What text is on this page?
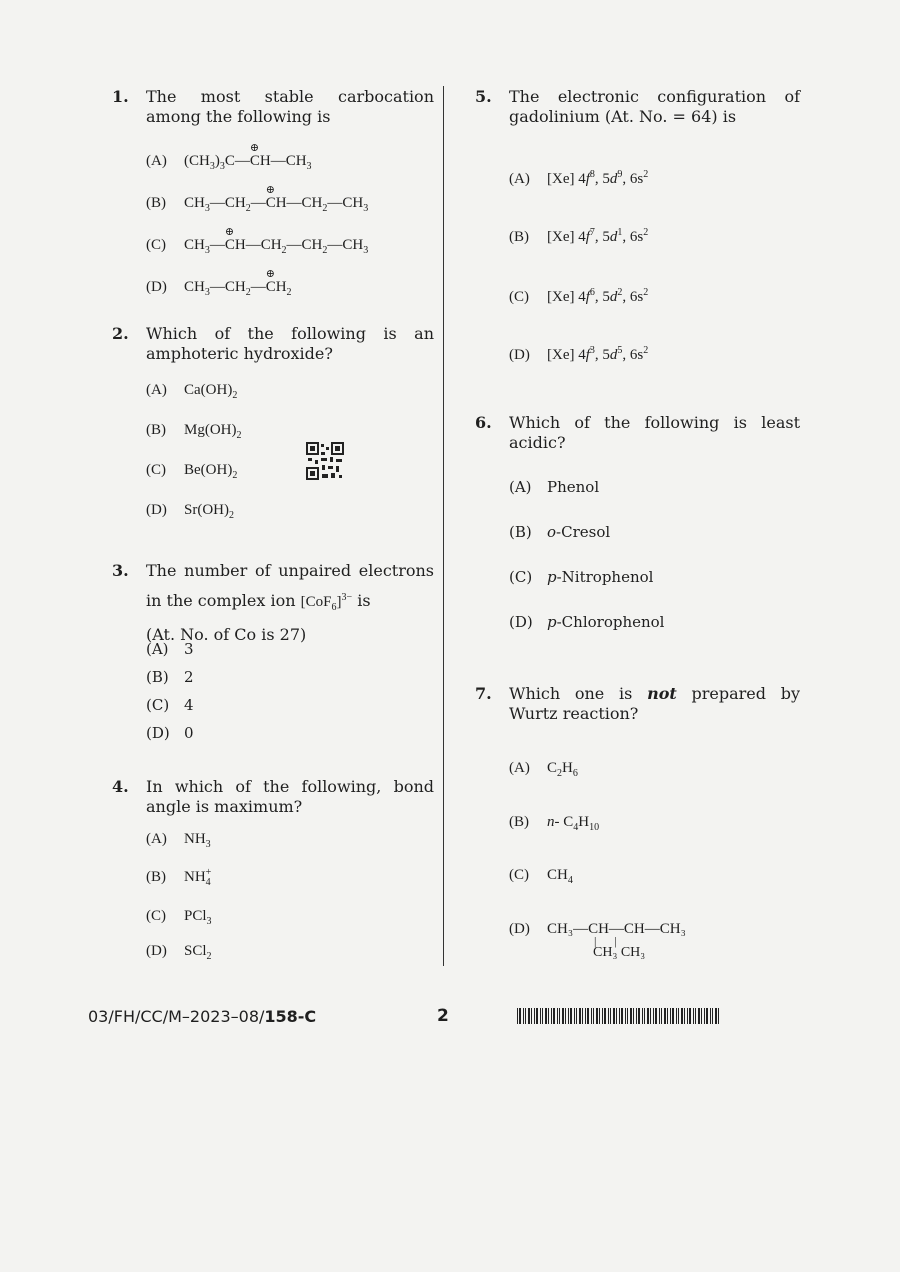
1.	The most stable carbocation among the following is
(A) $(CH_3)_3C—\oplus$ $CH—CH_3$
(B) $CH_3—CH_2—\oplus$ $CH—CH_2—CH_3$
(C) $CH_3—\oplus$ $CH—CH_2—CH_2—CH_3$
(D) $CH_3—CH_2—\oplus$ $CH_2$
2.	Which of the following is an amphoteric hydroxide?
(A) $Ca(OH)_2$
(B) $Mg(OH)_2$
(C) $Be(OH)_2$
(D) $Sr(OH)_2$
3.	The number of unpaired electrons in the complex ion $[CoF_6]^{3-}$ is
(At. No. of Co is 27)
(A) 3
(B) 2
(C) 4
(D) 0
4.	In which of the following, bond angle is maximum?
(A) $NH_3$
(B) NH +
4
(C) PCl$_3$
(D) SCl$_2$
5.	The electronic configuration of gadolinium (At. No. = 64) is
(A) [Xe] $4f^8$, $5d^9$, $6s^2$
(B) [Xe] $4f^7$, $5d^1$, $6s^2$
(C) [Xe] $4f^6$, $5d^2$, $6s^2$
(D) [Xe] $4f^3$, $5d^5$, $6s^2$
6.	Which of the following is least acidic?
(A) Phenol
(B) o-Cresol
(C) p-Nitrophenol
(D) p-Chlorophenol
7.	Which one is not prepared by Wurtz reaction?
(A) $C_2H_6$
(B) n- $C_4H_{10}$
(C) $CH_4$
(D) CH₃—CH—CH—CH₃
|      |
CH₃ CH₃
03/FH/CC/M–2023–08/158-C	2
